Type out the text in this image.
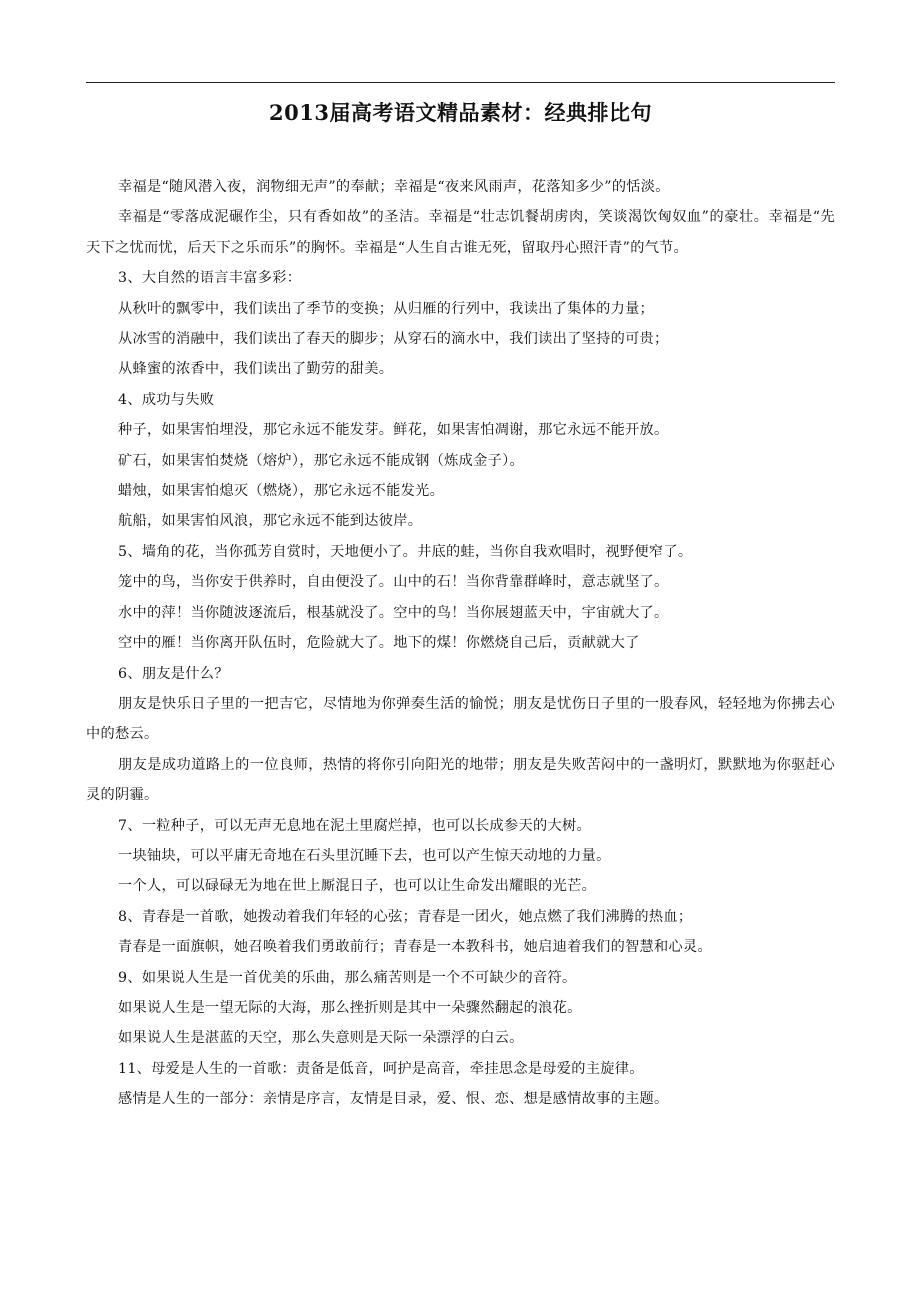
2013届高考语文精品素材：经典排比句

幸福是“随风潜入夜，润物细无声”的奉献；幸福是“夜来风雨声，花落知多少”的恬淡。

幸福是“零落成泥碾作尘，只有香如故”的圣洁。幸福是“壮志饥餐胡虏肉，笑谈渴饮匈奴血”的豪壮。幸福是“先天下之忧而忧，后天下之乐而乐”的胸怀。幸福是“人生自古谁无死，留取丹心照汗青”的气节。

3、大自然的语言丰富多彩：

从秋叶的飘零中，我们读出了季节的变换；从归雁的行列中，我读出了集体的力量；

从冰雪的消融中，我们读出了春天的脚步；从穿石的滴水中，我们读出了坚持的可贵；

从蜂蜜的浓香中，我们读出了勤劳的甜美。

4、成功与失败

种子，如果害怕埋没，那它永远不能发芽。鲜花，如果害怕凋谢，那它永远不能开放。

矿石，如果害怕焚烧（熔炉），那它永远不能成钢（炼成金子）。

蜡烛，如果害怕熄灭（燃烧），那它永远不能发光。

航船，如果害怕风浪，那它永远不能到达彼岸。

5、墙角的花，当你孤芳自赏时，天地便小了。井底的蛙，当你自我欢唱时，视野便窄了。

笼中的鸟，当你安于供养时，自由便没了。山中的石！当你背靠群峰时，意志就坚了。

水中的萍！当你随波逐流后，根基就没了。空中的鸟！当你展翅蓝天中，宇宙就大了。

空中的雁！当你离开队伍时，危险就大了。地下的煤！你燃烧自己后，贡献就大了

6、朋友是什么？

朋友是快乐日子里的一把吉它，尽情地为你弹奏生活的愉悦；朋友是忧伤日子里的一股春风，轻轻地为你拂去心中的愁云。

朋友是成功道路上的一位良师，热情的将你引向阳光的地带；朋友是失败苦闷中的一盏明灯，默默地为你驱赶心灵的阴霾。

7、一粒种子，可以无声无息地在泥土里腐烂掉，也可以长成参天的大树。

一块铀块，可以平庸无奇地在石头里沉睡下去，也可以产生惊天动地的力量。

一个人，可以碌碌无为地在世上厮混日子，也可以让生命发出耀眼的光芒。

8、青春是一首歌，她拨动着我们年轻的心弦；青春是一团火，她点燃了我们沸腾的热血；

青春是一面旗帜，她召唤着我们勇敢前行；青春是一本教科书，她启迪着我们的智慧和心灵。

9、如果说人生是一首优美的乐曲，那么痛苦则是一个不可缺少的音符。

如果说人生是一望无际的大海，那么挫折则是其中一朵骤然翻起的浪花。

如果说人生是湛蓝的天空，那么失意则是天际一朵漂浮的白云。

11、母爱是人生的一首歌：责备是低音，呵护是高音，牵挂思念是母爱的主旋律。

感情是人生的一部分：亲情是序言，友情是目录，爱、恨、恋、想是感情故事的主题。
